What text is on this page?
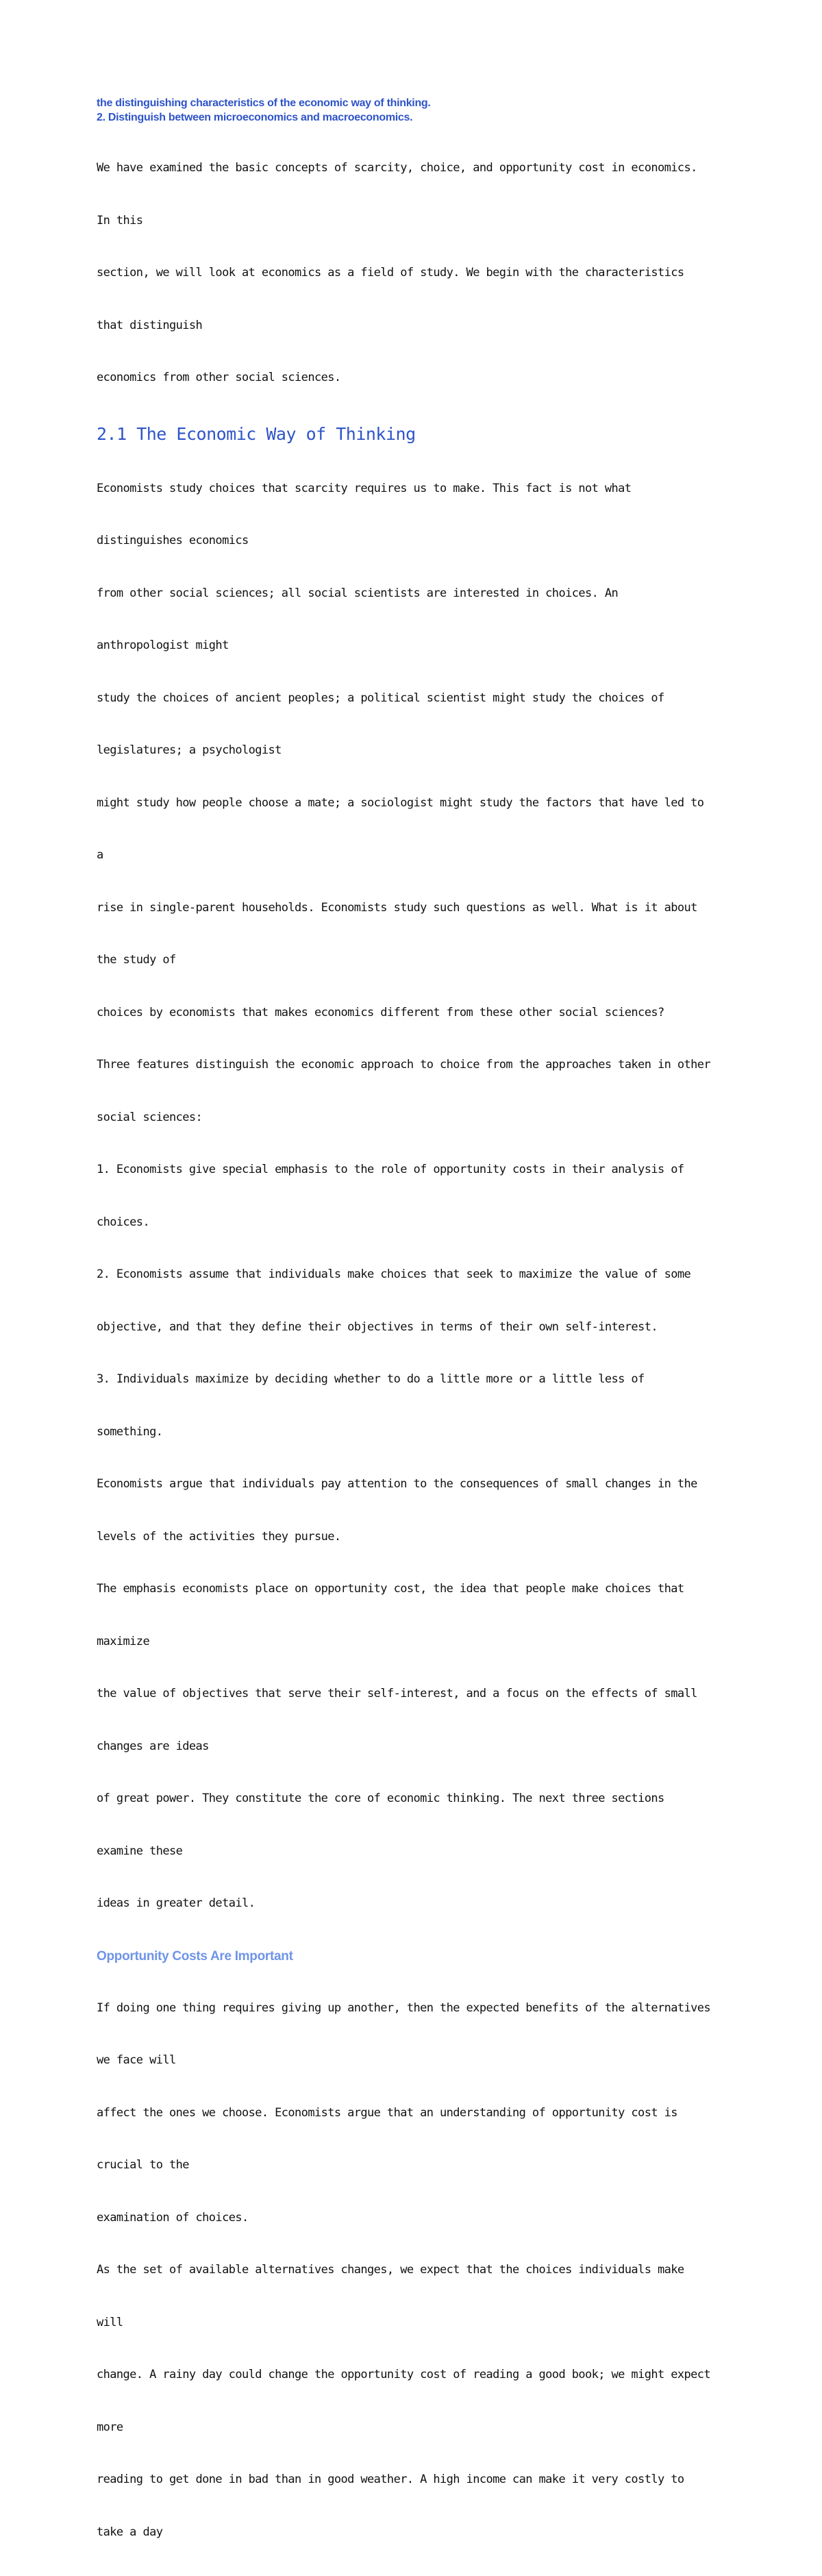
the distinguishing characteristics of the economic way of thinking.

2. Distinguish between microeconomics and macroeconomics.

We have examined the basic concepts of scarcity, choice, and opportunity cost in economics.

In this

section, we will look at economics as a field of study. We begin with the characteristics

that distinguish

economics from other social sciences.

2.1 The Economic Way of Thinking

Economists study choices that scarcity requires us to make. This fact is not what

distinguishes economics

from other social sciences; all social scientists are interested in choices. An

anthropologist might

study the choices of ancient peoples; a political scientist might study the choices of

legislatures; a psychologist

might study how people choose a mate; a sociologist might study the factors that have led to

a

rise in single-parent households. Economists study such questions as well. What is it about

the study of

choices by economists that makes economics different from these other social sciences?

Three features distinguish the economic approach to choice from the approaches taken in other

social sciences:

1. Economists give special emphasis to the role of opportunity costs in their analysis of

choices.

2. Economists assume that individuals make choices that seek to maximize the value of some

objective, and that they define their objectives in terms of their own self-interest.

3. Individuals maximize by deciding whether to do a little more or a little less of

something.

Economists argue that individuals pay attention to the consequences of small changes in the

levels of the activities they pursue.

The emphasis economists place on opportunity cost, the idea that people make choices that

maximize

the value of objectives that serve their self-interest, and a focus on the effects of small

changes are ideas

of great power. They constitute the core of economic thinking. The next three sections

examine these

ideas in greater detail.

Opportunity Costs Are Important

If doing one thing requires giving up another, then the expected benefits of the alternatives

we face will

affect the ones we choose. Economists argue that an understanding of opportunity cost is

crucial to the

examination of choices.

As the set of available alternatives changes, we expect that the choices individuals make

will

change. A rainy day could change the opportunity cost of reading a good book; we might expect

more

reading to get done in bad than in good weather. A high income can make it very costly to

take a day
